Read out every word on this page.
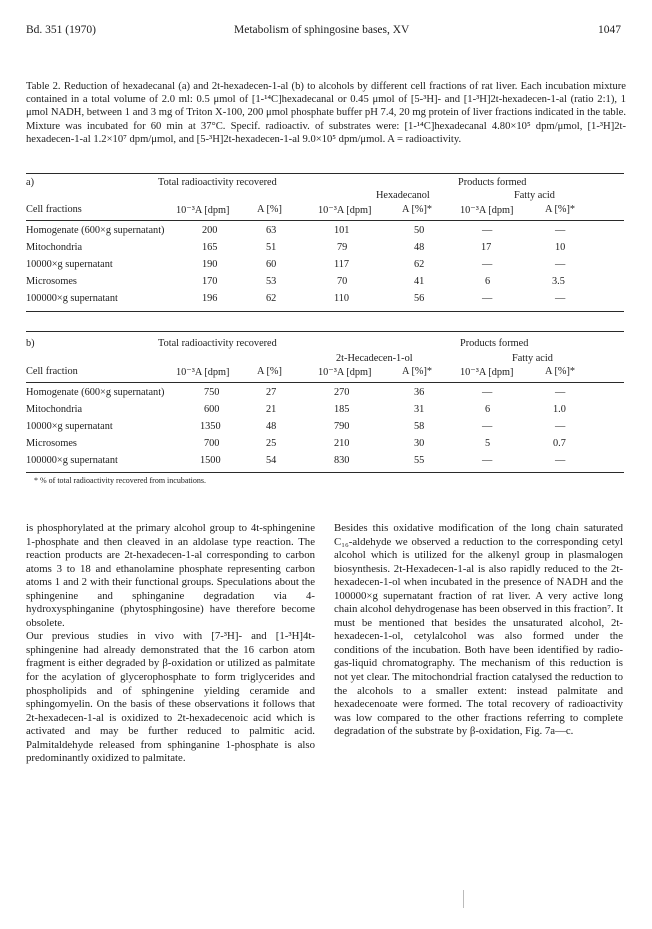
Bd. 351 (1970)	Metabolism of sphingosine bases, XV	1047

Table 2. Reduction of hexadecanal (a) and 2t-hexadecen-1-al (b) to alcohols by different cell fractions of rat liver. Each incubation mixture contained in a total volume of 2.0 ml: 0.5 μmol of [1-¹⁴C]hexadecanal or 0.45 μmol of [5-³H]- and [1-³H]2t-hexadecen-1-al (ratio 2:1), 1 μmol NADH, between 1 and 3 mg of Triton X-100, 200 μmol phosphate buffer pH 7.4, 20 mg protein of liver fractions indicated in the table. Mixture was incubated for 60 min at 37°C. Specif. radioactiv. of substrates were: [1-¹⁴C]hexadecanal 4.80×10⁵ dpm/μmol, [1-³H]2t-hexadecen-1-al 1.2×10⁷ dpm/μmol, and [5-³H]2t-hexadecen-1-al 9.0×10⁵ dpm/μmol. A = radioactivity.

a)	Total radioactivity recovered	Products formed
Hexadecanol	Fatty acid
Cell fractions	10⁻³A [dpm]	A [%]	10⁻³A [dpm]	A [%]*	10⁻³A [dpm]	A [%]*
Homogenate (600×g supernatant)	200	63	101	50	—	—
Mitochondria	165	51	79	48	17	10
10000×g supernatant	190	60	117	62	—	—
Microsomes	170	53	70	41	6	3.5
100000×g supernatant	196	62	110	56	—	—
b)	Total radioactivity recovered	Products formed
2t-Hecadecen-1-ol	Fatty acid
Cell fraction	10⁻³A [dpm]	A [%]	10⁻³A [dpm]	A [%]*	10⁻³A [dpm]	A [%]*
Homogenate (600×g supernatant)	750	27	270	36	—	—
Mitochondria	600	21	185	31	6	1.0
10000×g supernatant	1350	48	790	58	—	—
Microsomes	700	25	210	30	5	0.7
100000×g supernatant	1500	54	830	55	—	—
* % of total radioactivity recovered from incubations.

is phosphorylated at the primary alcohol group to 4t-sphingenine 1-phosphate and then cleaved in an aldolase type reaction. The reaction products are 2t-hexadecen-1-al corresponding to carbon atoms 3 to 18 and ethanolamine phosphate representing carbon atoms 1 and 2 with their functional groups. Speculations about the sphingenine and sphinganine degradation via 4-hydroxysphinganine (phytosphingosine) have therefore become obsolete.

Our previous studies in vivo with [7-³H]- and [1-³H]4t-sphingenine had already demonstrated that the 16 carbon atom fragment is either degraded by β-oxidation or utilized as palmitate for the acylation of glycerophosphate to form triglycerides and phospholipids and of sphingenine yielding ceramide and sphingomyelin. On the basis of these observations it follows that 2t-hexadecen-1-al is oxidized to 2t-hexadecenoic acid which is activated and may be further reduced to palmitic acid. Palmitaldehyde released from sphinganine 1-phosphate is also predominantly oxidized to palmitate.

Besides this oxidative modification of the long chain saturated C₁₆-aldehyde we observed a reduction to the corresponding cetyl alcohol which is utilized for the alkenyl group in plasmalogen biosynthesis. 2t-Hexadecen-1-al is also rapidly reduced to the 2t-hexadecen-1-ol when incubated in the presence of NADH and the 100000×g supernatant fraction of rat liver. A very active long chain alcohol dehydrogenase has been observed in this fraction⁷. It must be mentioned that besides the unsaturated alcohol, 2t-hexadecen-1-ol, cetylalcohol was also formed under the conditions of the incubation. Both have been identified by radio-gas-liquid chromatography. The mechanism of this reduction is not yet clear. The mitochondrial fraction catalysed the reduction to the alcohols to a smaller extent: instead palmitate and hexadecenoate were formed. The total recovery of radioactivity was low compared to the other fractions referring to complete degradation of the substrate by β-oxidation, Fig. 7a—c.
